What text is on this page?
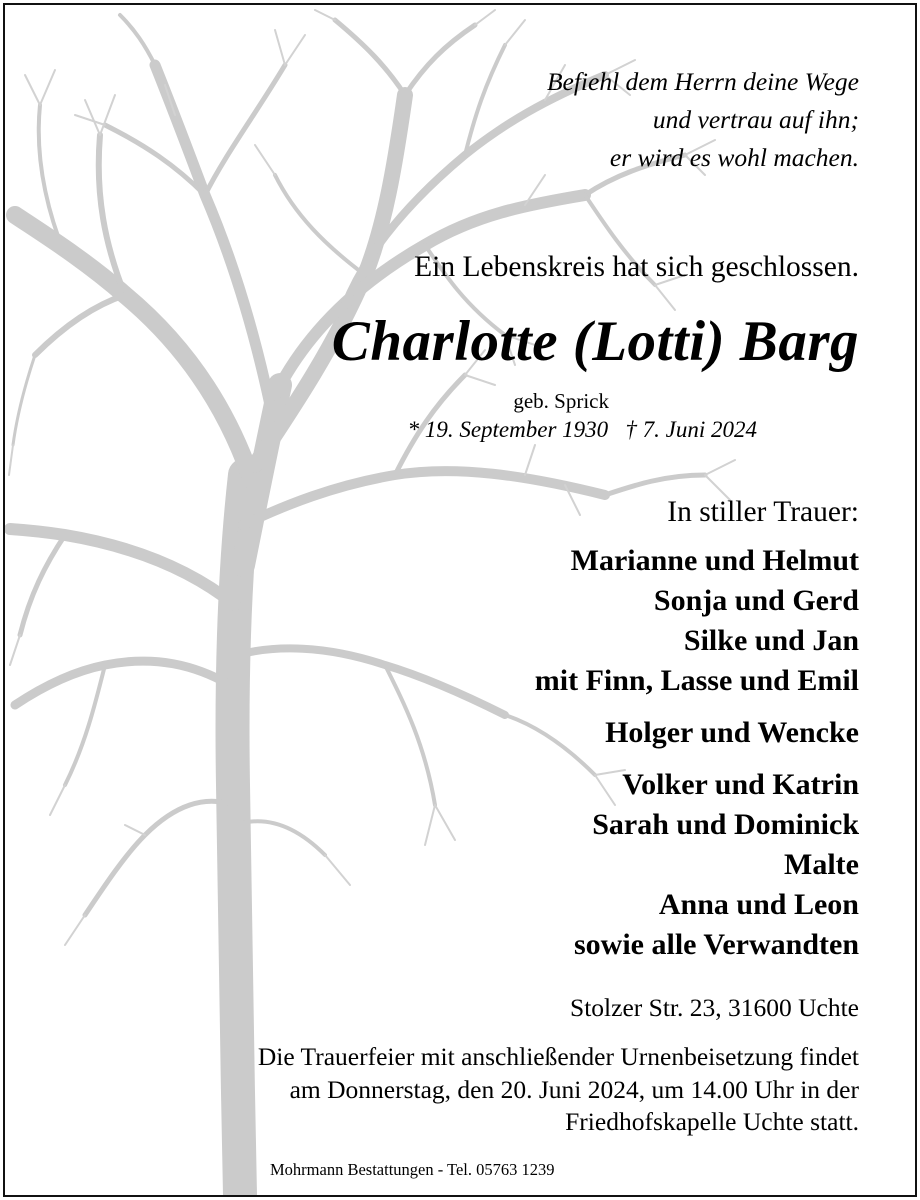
Befiehl dem Herrn deine Wege
und vertrau auf ihn;
er wird es wohl machen.
Ein Lebenskreis hat sich geschlossen.
Charlotte (Lotti) Barg
geb. Sprick
* 19. September 1930   † 7. Juni 2024
In stiller Trauer:
Marianne und Helmut
Sonja und Gerd
Silke und Jan
mit Finn, Lasse und Emil
Holger und Wencke
Volker und Katrin
Sarah und Dominick
Malte
Anna und Leon
sowie alle Verwandten
Stolzer Str. 23, 31600 Uchte
Die Trauerfeier mit anschließender Urnenbeisetzung findet
am Donnerstag, den 20. Juni 2024, um 14.00 Uhr in der
Friedhofskapelle Uchte statt.
Mohrmann Bestattungen - Tel. 05763 1239
